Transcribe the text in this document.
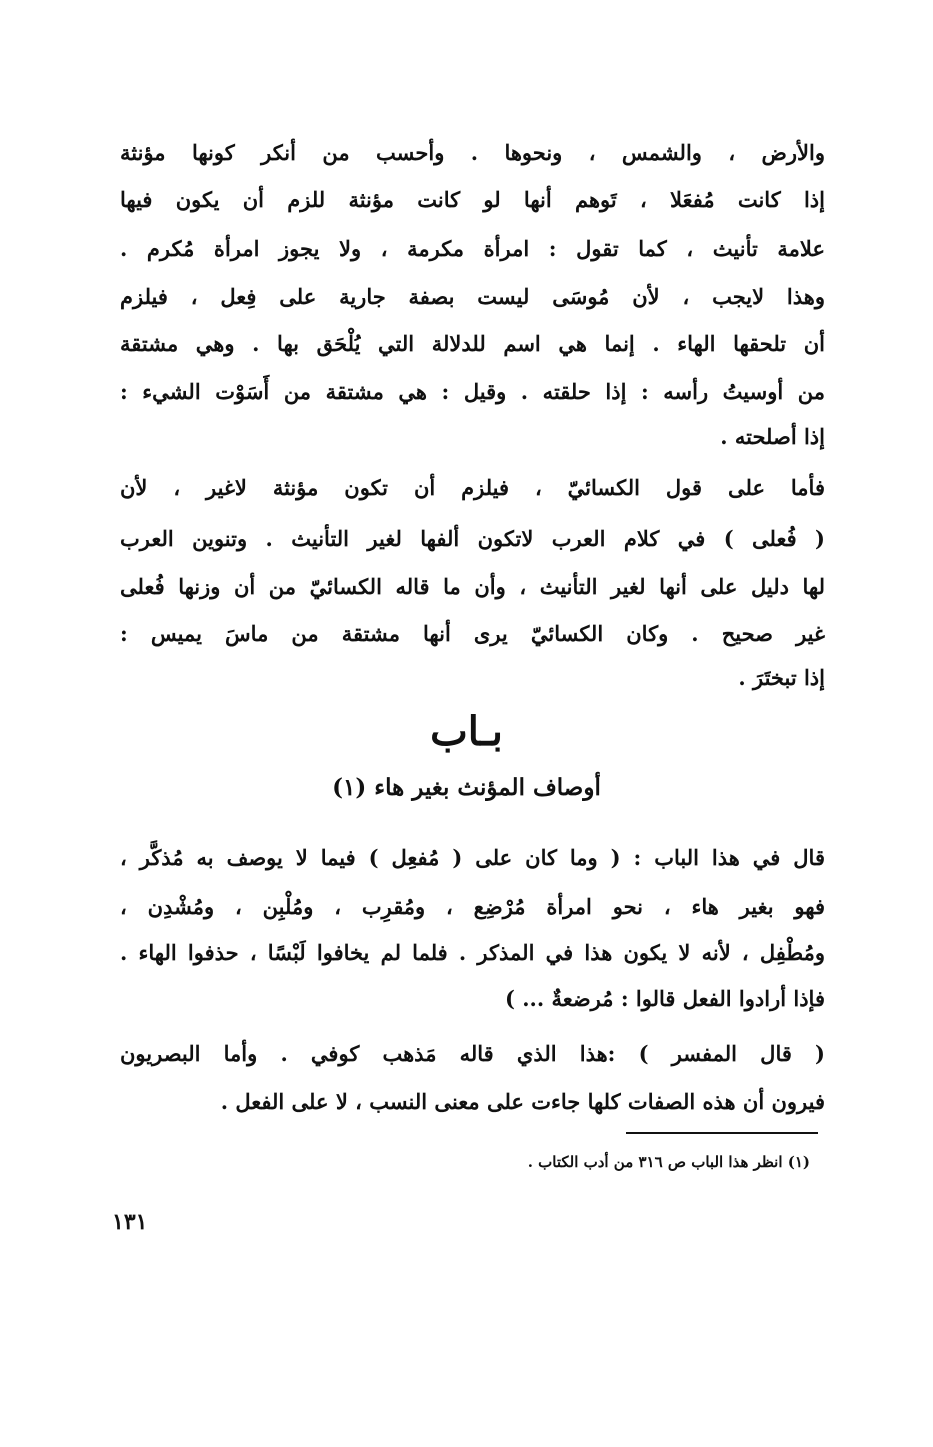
والأرض ، والشمس ، ونحوها . وأحسب من أنكر كونها مؤنثة
إذا كانت مُفعَلا ، تَوهم أنها لو كانت مؤنثة للزم أن يكون فيها
علامة تأنيث ، كما تقول : امرأة مكرمة ، ولا يجوز امرأة مُكرم .
وهذا لايجب ، لأن مُوسَى ليست بصفة جارية على فِعل ، فيلزم
أن تلحقها الهاء . إنما هي اسم للدلالة التي يُلْحَق بها . وهي مشتقة
من أوسيتُ رأسه : إذا حلقته . وقيل : هي مشتقة من أَسَوْت الشيء :
إذا أصلحته .
فأما على قول الكسائيّ ، فيلزم أن تكون مؤنثة لاغير ، لأن
( فُعلى ) في كلام العرب لاتكون ألفها لغير التأنيث . وتنوين العرب
لها دليل على أنها لغير التأنيث ، وأن ما قاله الكسائيّ من أن وزنها فُعلى
غير صحيح . وكان الكسائيّ يرى أنها مشتقة من ماسَ يميس :
إذا تبختَرَ .
بـاب
أوصاف المؤنث بغير هاء (١)
قال في هذا الباب : ( وما كان على ( مُفعِل ) فيما لا يوصف به مُذكَّر ،
فهو بغير هاء ، نحو امرأة مُرْضِع ، ومُقرِب ، ومُلْبِن ، ومُشْدِن ،
ومُطْفِل ، لأنه لا يكون هذا في المذكر . فلما لم يخافوا لَبْسًا ، حذفوا الهاء .
فإذا أرادوا الفعل قالوا : مُرضعةٌ ... )
( قال المفسر ) :هذا الذي قاله مَذهب كوفي . وأما البصريون
فيرون أن هذه الصفات كلها جاءت على معنى النسب ، لا على الفعل .
(١) انظر هذا الباب ص ٣١٦ من أدب الكتاب .
١٣١
